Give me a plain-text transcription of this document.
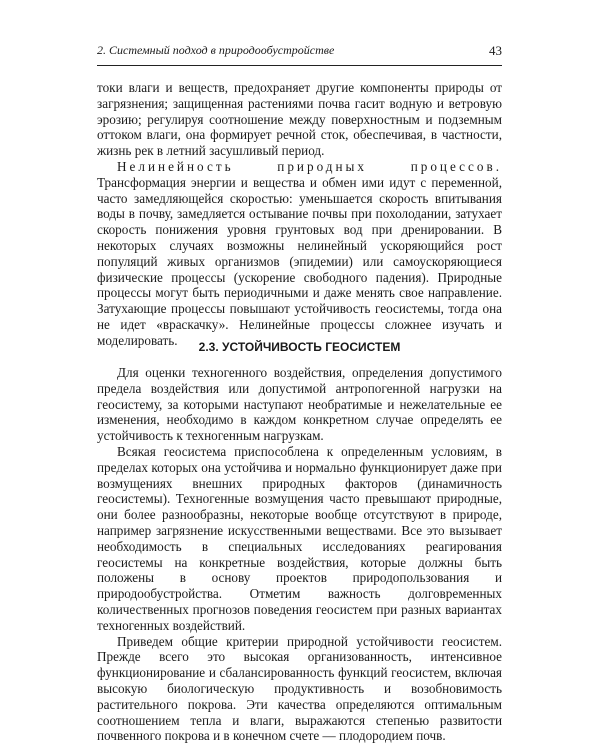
2. Системный подход в природообустройстве	43

токи влаги и веществ, предохраняет другие компоненты природы от загрязнения; защищенная растениями почва гасит водную и ветровую эрозию; регулируя соотношение между поверхностным и подземным оттоком влаги, она формирует речной сток, обеспечивая, в частности, жизнь рек в летний засушливый период.

Нелинейность природных процессов. Трансформация энергии и вещества и обмен ими идут с переменной, часто замедляющейся скоростью: уменьшается скорость впитывания воды в почву, замедляется остывание почвы при похолодании, затухает скорость понижения уровня грунтовых вод при дренировании. В некоторых случаях возможны нелинейный ускоряющийся рост популяций живых организмов (эпидемии) или самоускоряющиеся физические процессы (ускорение свободного падения). Природные процессы могут быть периодичными и даже менять свое направление. Затухающие процессы повышают устойчивость геосистемы, тогда она не идет «враскачку». Нелинейные процессы сложнее изучать и моделировать.	2.3. УСТОЙЧИВОСТЬ ГЕОСИСТЕМ

Для оценки техногенного воздействия, определения допустимого предела воздействия или допустимой антропогенной нагрузки на геосистему, за которыми наступают необратимые и нежелательные ее изменения, необходимо в каждом конкретном случае определять ее устойчивость к техногенным нагрузкам.

Всякая геосистема приспособлена к определенным условиям, в пределах которых она устойчива и нормально функционирует даже при возмущениях внешних природных факторов (динамичность геосистемы). Техногенные возмущения часто превышают природные, они более разнообразны, некоторые вообще отсутствуют в природе, например загрязнение искусственными веществами. Все это вызывает необходимость в специальных исследованиях реагирования геосистемы на конкретные воздействия, которые должны быть положены в основу проектов природопользования и природообустройства. Отметим важность долговременных количественных прогнозов поведения геосистем при разных вариантах техногенных воздействий.

Приведем общие критерии природной устойчивости геосистем. Прежде всего это высокая организованность, интенсивное функционирование и сбалансированность функций геосистем, включая высокую биологическую продуктивность и возобновимость растительного покрова. Эти качества определяются оптимальным соотношением тепла и влаги, выражаются степенью развитости почвенного покрова и в конечном счете — плодородием почв.
